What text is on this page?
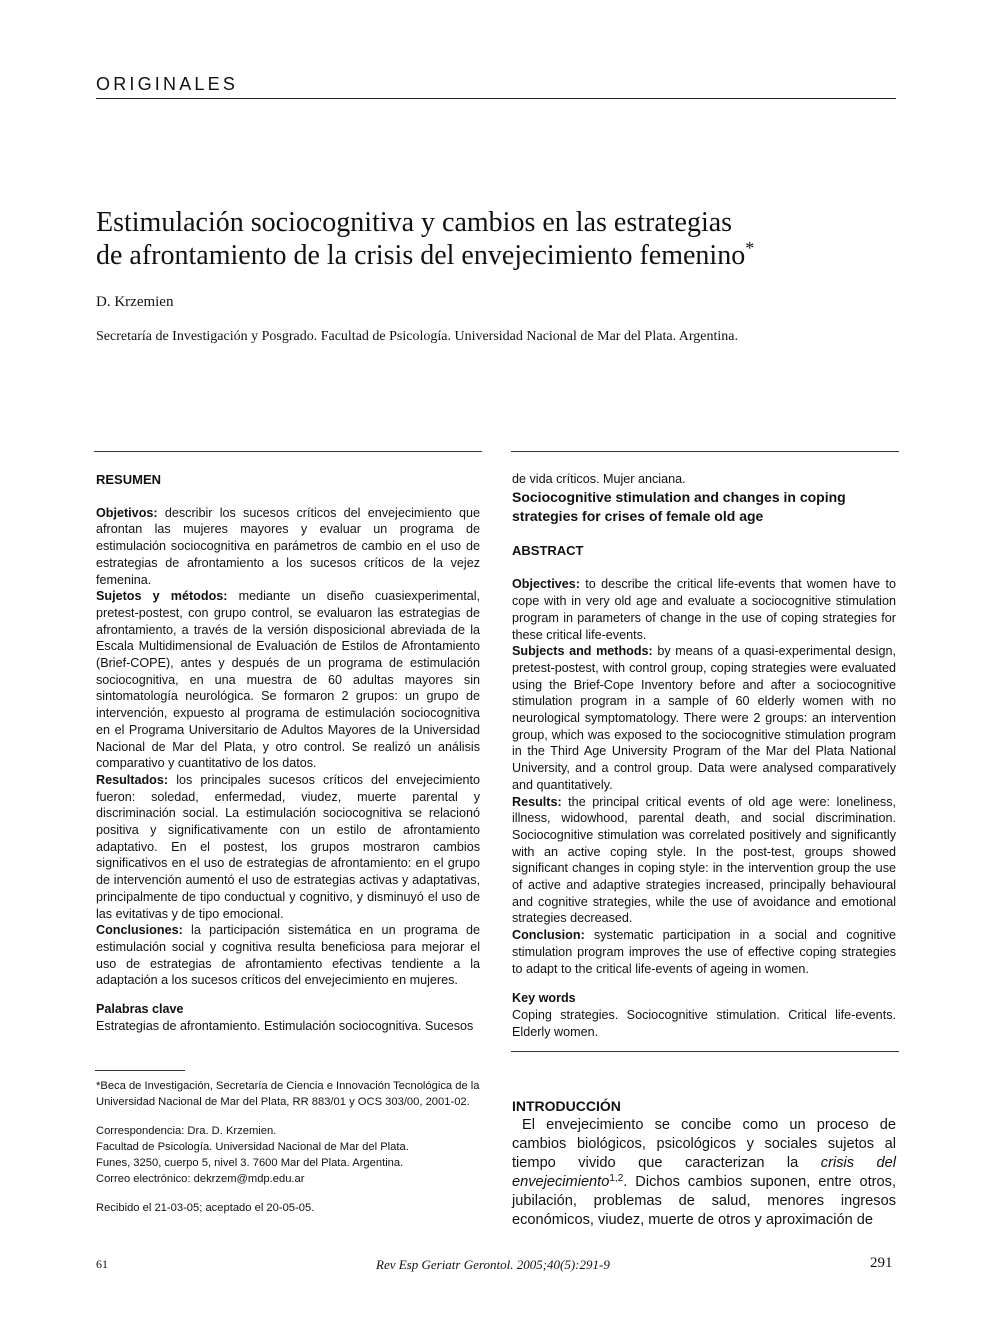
ORIGINALES
Estimulación sociocognitiva y cambios en las estrategias
de afrontamiento de la crisis del envejecimiento femenino*
D. Krzemien
Secretaría de Investigación y Posgrado. Facultad de Psicología. Universidad Nacional de Mar del Plata. Argentina.
RESUMEN

Objetivos: describir los sucesos críticos del envejecimiento que afrontan las mujeres mayores y evaluar un programa de estimulación sociocognitiva en parámetros de cambio en el uso de estrategias de afrontamiento a los sucesos críticos de la vejez femenina.

Sujetos y métodos: mediante un diseño cuasiexperimental, pretest-postest, con grupo control, se evaluaron las estrategias de afrontamiento, a través de la versión disposicional abreviada de la Escala Multidimensional de Evaluación de Estilos de Afrontamiento (Brief-COPE), antes y después de un programa de estimulación sociocognitiva, en una muestra de 60 adultas mayores sin sintomatología neurológica. Se formaron 2 grupos: un grupo de intervención, expuesto al programa de estimulación sociocognitiva en el Programa Universitario de Adultos Mayores de la Universidad Nacional de Mar del Plata, y otro control. Se realizó un análisis comparativo y cuantitativo de los datos.

Resultados: los principales sucesos críticos del envejecimiento fueron: soledad, enfermedad, viudez, muerte parental y discriminación social. La estimulación sociocognitiva se relacionó positiva y significativamente con un estilo de afrontamiento adaptativo. En el postest, los grupos mostraron cambios significativos en el uso de estrategias de afrontamiento: en el grupo de intervención aumentó el uso de estrategias activas y adaptativas, principalmente de tipo conductual y cognitivo, y disminuyó el uso de las evitativas y de tipo emocional.

Conclusiones: la participación sistemática en un programa de estimulación social y cognitiva resulta beneficiosa para mejorar el uso de estrategias de afrontamiento efectivas tendiente a la adaptación a los sucesos críticos del envejecimiento en mujeres.

Palabras clave

Estrategias de afrontamiento. Estimulación sociocognitiva. Sucesos

de vida críticos. Mujer anciana.

Sociocognitive stimulation and changes in coping
strategies for crises of female old age
ABSTRACT

Objectives: to describe the critical life-events that women have to cope with in very old age and evaluate a sociocognitive stimulation program in parameters of change in the use of coping strategies for these critical life-events.

Subjects and methods: by means of a quasi-experimental design, pretest-postest, with control group, coping strategies were evaluated using the Brief-Cope Inventory before and after a sociocognitive stimulation program in a sample of 60 elderly women with no neurological symptomatology. There were 2 groups: an intervention group, which was exposed to the sociocognitive stimulation program in the Third Age University Program of the Mar del Plata National University, and a control group. Data were analysed comparatively and quantitatively.

Results: the principal critical events of old age were: loneliness, illness, widowhood, parental death, and social discrimination. Sociocognitive stimulation was correlated positively and significantly with an active coping style. In the post-test, groups showed significant changes in coping style: in the intervention group the use of active and adaptive strategies increased, principally behavioural and cognitive strategies, while the use of avoidance and emotional strategies decreased.

Conclusion: systematic participation in a social and cognitive stimulation program improves the use of effective coping strategies to adapt to the critical life-events of ageing in women.

Key words

Coping strategies. Sociocognitive stimulation. Critical life-events. Elderly women.

*Beca de Investigación, Secretaría de Ciencia e Innovación Tecnológica de la Universidad Nacional de Mar del Plata, RR 883/01 y OCS 303/00, 2001-02.

Correspondencia: Dra. D. Krzemien.
Facultad de Psicología. Universidad Nacional de Mar del Plata.
Funes, 3250, cuerpo 5, nivel 3. 7600 Mar del Plata. Argentina.
Correo electrónico: dekrzem@mdp.edu.ar

Recibido el 21-03-05; aceptado el 20-05-05.

INTRODUCCIÓN

El envejecimiento se concibe como un proceso de cambios biológicos, psicológicos y sociales sujetos al tiempo vivido que caracterizan la crisis del envejecimiento$^{1,2}$. Dichos cambios suponen, entre otros, jubilación, problemas de salud, menores ingresos económicos, viudez, muerte de otros y aproximación de

61	Rev Esp Geriatr Gerontol. 2005;40(5):291-9	291
